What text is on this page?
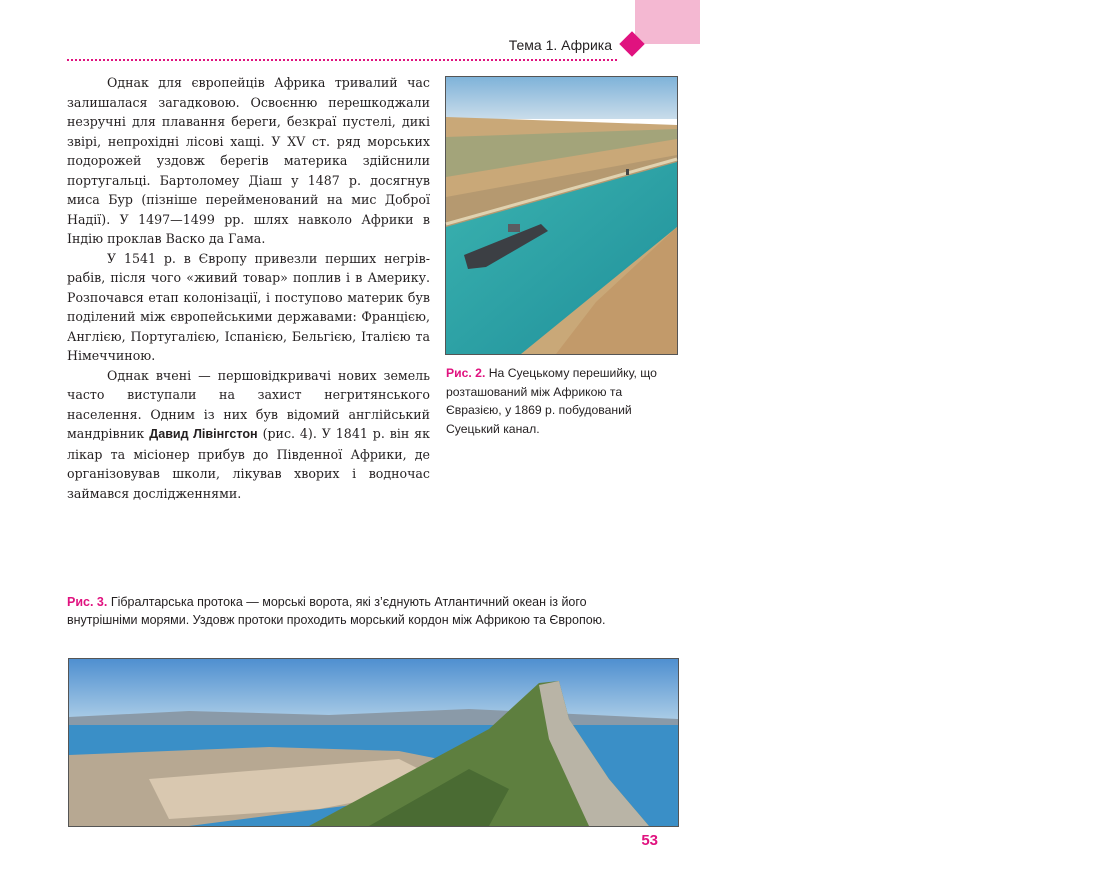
Тема 1. Африка

Однак для європейців Африка тривалий час залишалася загадковою. Освоєнню перешкоджали незручні для плавання береги, безкраї пустелі, дикі звірі, непрохідні лісові хащі. У XV ст. ряд морських подорожей уздовж берегів материка здійснили португальці. Бартоломеу Діаш у 1487 р. досягнув миса Бур (пізніше перейменований на мис Доброї Надії). У 1497—1499 рр. шлях навколо Африки в Індію проклав Васко да Гама.

У 1541 р. в Європу привезли перших негрів-рабів, після чого «живий товар» поплив і в Америку. Розпочався етап колонізації, і поступово материк був поділений між європейськими державами: Францією, Англією, Португалією, Іспанією, Бельгією, Італією та Німеччиною.

Однак вчені — першовідкривачі нових земель часто виступали на захист негритянського населення. Одним із них був відомий англійський мандрівник Давид Лівінгстон (рис. 4). У 1841 р. він як лікар та місіонер прибув до Південної Африки, де організовував школи, лікував хворих і водночас займався дослідженнями.

© Mikael Grmek
Рис. 2. На Суецькому перешийку, що розташований між Африкою та Євразією, у 1869 р. побудований Суецький канал.
Рис. 3. Гібралтарська протока — морські ворота, які з’єднують Атлантичний океан із його внутрішніми морями. Уздовж протоки проходить морський кордон між Африкою та Європою.
53
